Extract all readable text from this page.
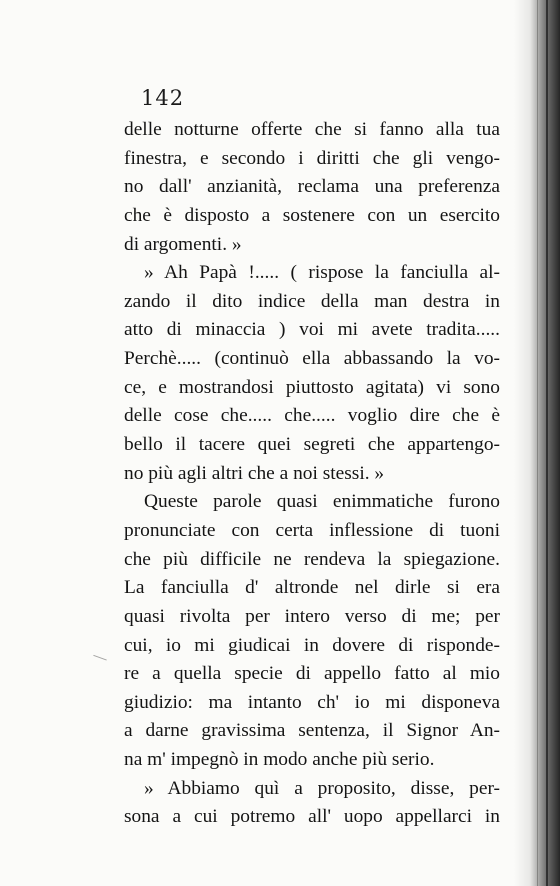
142
delle notturne offerte che si fanno alla tua
finestra, e secondo i diritti che gli vengo-
no dall' anzianità, reclama una preferenza
che è disposto a sostenere con un esercito
di argomenti. »
» Ah Papà !..... ( rispose la fanciulla al-
zando il dito indice della man destra in
atto di minaccia ) voi mi avete tradita.....
Perchè..... (continuò ella abbassando la vo-
ce, e mostrandosi piuttosto agitata) vi sono
delle cose che..... che..... voglio dire che è
bello il tacere quei segreti che appartengo-
no più agli altri che a noi stessi. »
Queste parole quasi enimmatiche furono
pronunciate con certa inflessione di tuoni
che più difficile ne rendeva la spiegazione.
La fanciulla d' altronde nel dirle si era
quasi rivolta per intero verso di me; per
cui, io mi giudicai in dovere di risponde-
re a quella specie di appello fatto al mio
giudizio: ma intanto ch' io mi disponeva
a darne gravissima sentenza, il Signor An-
na m' impegnò in modo anche più serio.
» Abbiamo quì a proposito, disse, per-
sona a cui potremo all' uopo appellarci in
